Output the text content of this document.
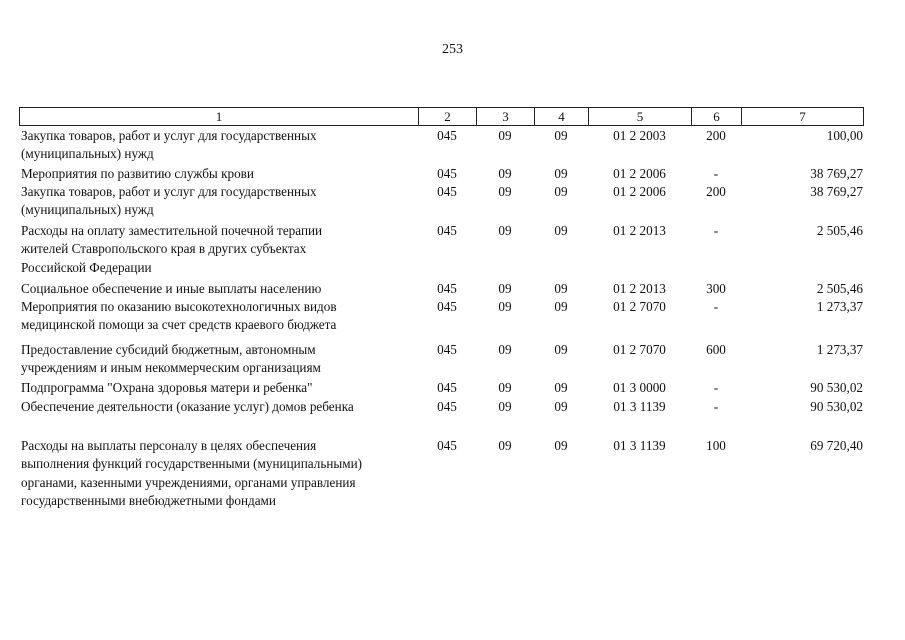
253
1	2	3	4	5	6	7
Закупка товаров, работ и услуг для государственных
(муниципальных) нужд
045	09	09	01 2 2003	200	100,00
Мероприятия по развитию службы крови	045	09	09	01 2 2006	-	38 769,27
Закупка товаров, работ и услуг для государственных
(муниципальных) нужд
045	09	09	01 2 2006	200	38 769,27
Расходы на оплату заместительной почечной терапии
жителей Ставропольского края в других субъектах
Российской Федерации
045	09	09	01 2 2013	-	2 505,46
Социальное обеспечение и иные выплаты населению	045	09	09	01 2 2013	300	2 505,46
Мероприятия по оказанию высокотехнологичных видов
медицинской помощи за счет средств краевого бюджета
045	09	09	01 2 7070	-	1 273,37
Предоставление субсидий бюджетным, автономным
учреждениям и иным некоммерческим организациям
045	09	09	01 2 7070	600	1 273,37
Подпрограмма "Охрана здоровья матери и ребенка"	045	09	09	01 3 0000	-	90 530,02
Обеспечение деятельности (оказание услуг) домов ребенка	045	09	09	01 3 1139	-	90 530,02
Расходы на выплаты персоналу в целях обеспечения
выполнения функций государственными (муниципальными)
органами, казенными учреждениями, органами управления
государственными внебюджетными фондами
045	09	09	01 3 1139	100	69 720,40
